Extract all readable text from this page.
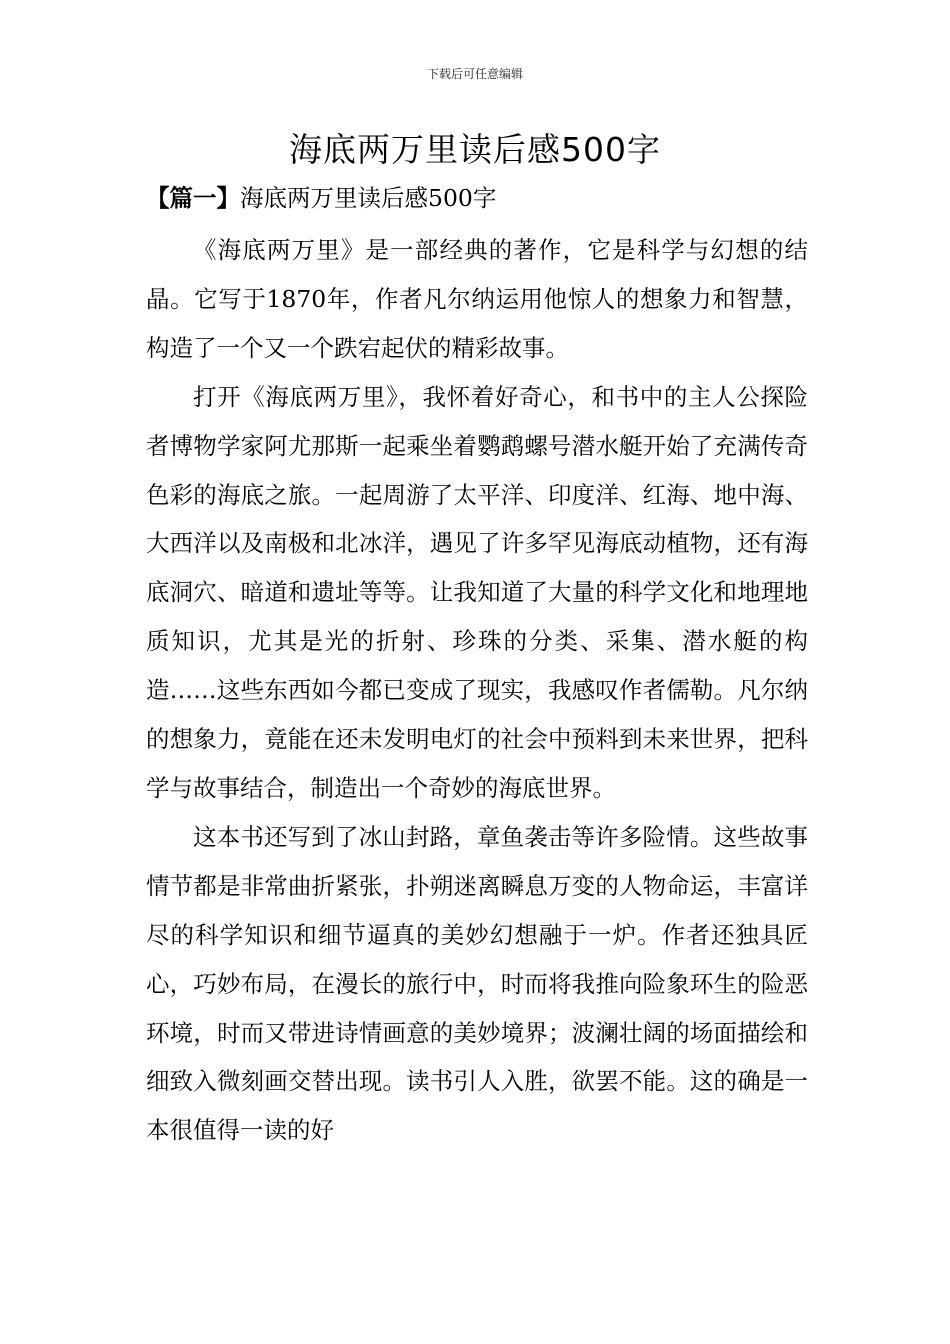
下载后可任意编辑
海底两万里读后感500字
【篇一】海底两万里读后感500字

《海底两万里》是一部经典的著作，它是科学与幻想的结晶。它写于1870年，作者凡尔纳运用他惊人的想象力和智慧，构造了一个又一个跌宕起伏的精彩故事。

打开《海底两万里》，我怀着好奇心，和书中的主人公探险者博物学家阿尤那斯一起乘坐着鹦鹉螺号潜水艇开始了充满传奇色彩的海底之旅。一起周游了太平洋、印度洋、红海、地中海、大西洋以及南极和北冰洋，遇见了许多罕见海底动植物，还有海底洞穴、暗道和遗址等等。让我知道了大量的科学文化和地理地质知识，尤其是光的折射、珍珠的分类、采集、潜水艇的构造……这些东西如今都已变成了现实，我感叹作者儒勒。凡尔纳的想象力，竟能在还未发明电灯的社会中预料到未来世界，把科学与故事结合，制造出一个奇妙的海底世界。

这本书还写到了冰山封路，章鱼袭击等许多险情。这些故事情节都是非常曲折紧张，扑朔迷离瞬息万变的人物命运，丰富详尽的科学知识和细节逼真的美妙幻想融于一炉。作者还独具匠心，巧妙布局，在漫长的旅行中，时而将我推向险象环生的险恶环境，时而又带进诗情画意的美妙境界；波澜壮阔的场面描绘和细致入微刻画交替出现。读书引人入胜，欲罢不能。这的确是一本很值得一读的好
